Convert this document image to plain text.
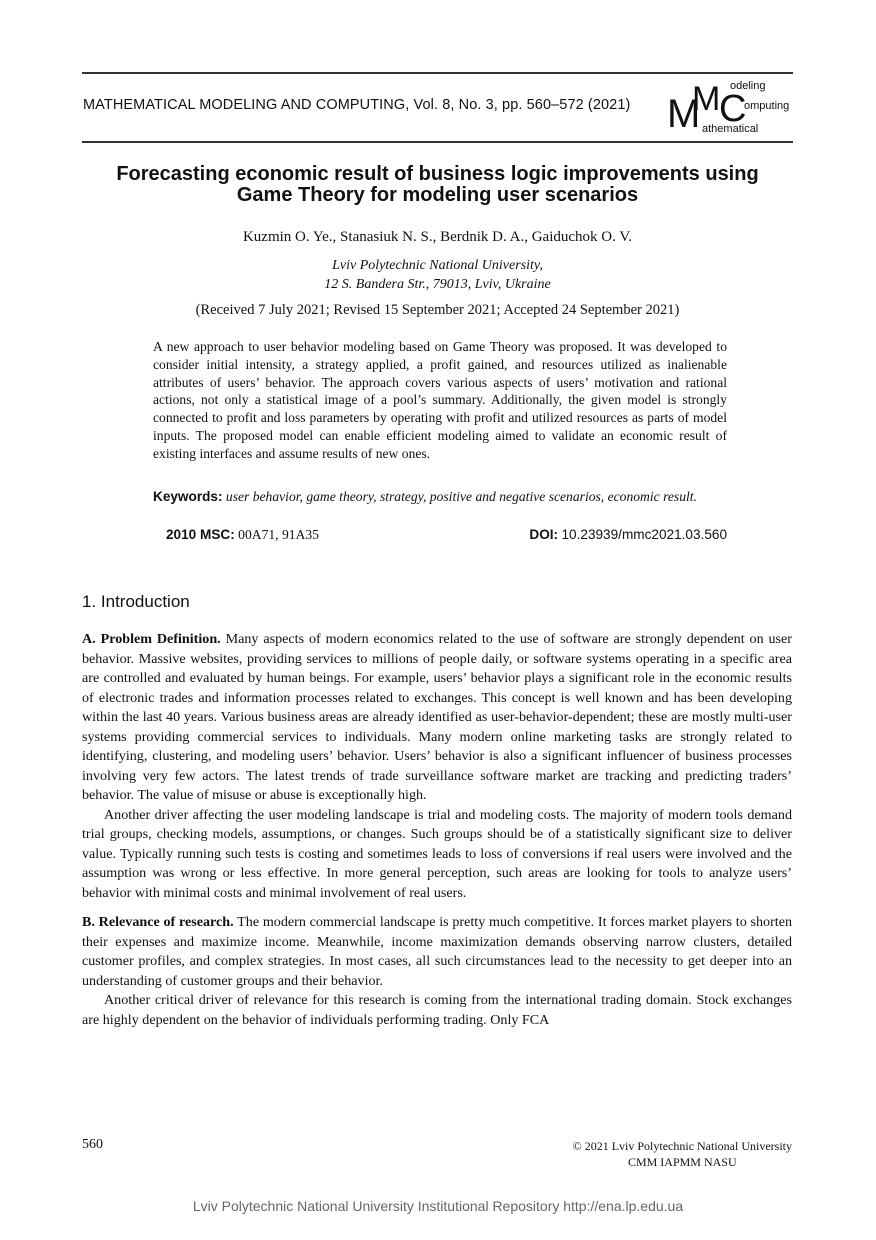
MATHEMATICAL MODELING AND COMPUTING, Vol. 8, No. 3, pp. 560–572 (2021) M
M
C
odeling
omputing
athematical
Forecasting economic result of business logic improvements using
Game Theory for modeling user scenarios
Kuzmin O. Ye., Stanasiuk N. S., Berdnik D. A., Gaiduchok O. V.
Lviv Polytechnic National University,
12 S. Bandera Str., 79013, Lviv, Ukraine
(Received 7 July 2021; Revised 15 September 2021; Accepted 24 September 2021)
A new approach to user behavior modeling based on Game Theory was proposed. It was developed to consider initial intensity, a strategy applied, a profit gained, and resources utilized as inalienable attributes of users’ behavior. The approach covers various aspects of users’ motivation and rational actions, not only a statistical image of a pool’s summary. Additionally, the given model is strongly connected to profit and loss parameters by operating with profit and utilized resources as parts of model inputs. The proposed model can enable efficient modeling aimed to validate an economic result of existing interfaces and assume results of new ones.
Keywords: user behavior, game theory, strategy, positive and negative scenarios, economic result.
2010 MSC: 00A71, 91A35	DOI: 10.23939/mmc2021.03.560
1. Introduction

A. Problem Definition. Many aspects of modern economics related to the use of software are strongly dependent on user behavior. Massive websites, providing services to millions of people daily, or software systems operating in a specific area are controlled and evaluated by human beings. For example, users’ behavior plays a significant role in the economic results of electronic trades and information processes related to exchanges. This concept is well known and has been developing within the last 40 years. Various business areas are already identified as user-behavior-dependent; these are mostly multi-user systems providing commercial services to individuals. Many modern online marketing tasks are strongly related to identifying, clustering, and modeling users’ behavior. Users’ behavior is also a significant influencer of business processes involving very few actors. The latest trends of trade surveillance software market are tracking and predicting traders’ behavior. The value of misuse or abuse is exceptionally high.

Another driver affecting the user modeling landscape is trial and modeling costs. The majority of modern tools demand trial groups, checking models, assumptions, or changes. Such groups should be of a statistically significant size to deliver value. Typically running such tests is costing and sometimes leads to loss of conversions if real users were involved and the assumption was wrong or less effective. In more general perception, such areas are looking for tools to analyze users’ behavior with minimal costs and minimal involvement of real users.

B. Relevance of research. The modern commercial landscape is pretty much competitive. It forces market players to shorten their expenses and maximize income. Meanwhile, income maximization demands observing narrow clusters, detailed customer profiles, and complex strategies. In most cases, all such circumstances lead to the necessity to get deeper into an understanding of customer groups and their behavior.

Another critical driver of relevance for this research is coming from the international trading domain. Stock exchanges are highly dependent on the behavior of individuals performing trading. Only FCA

560	© 2021 Lviv Polytechnic National University
CMM IAPMM NASU
Lviv Polytechnic National University Institutional Repository http://ena.lp.edu.ua
